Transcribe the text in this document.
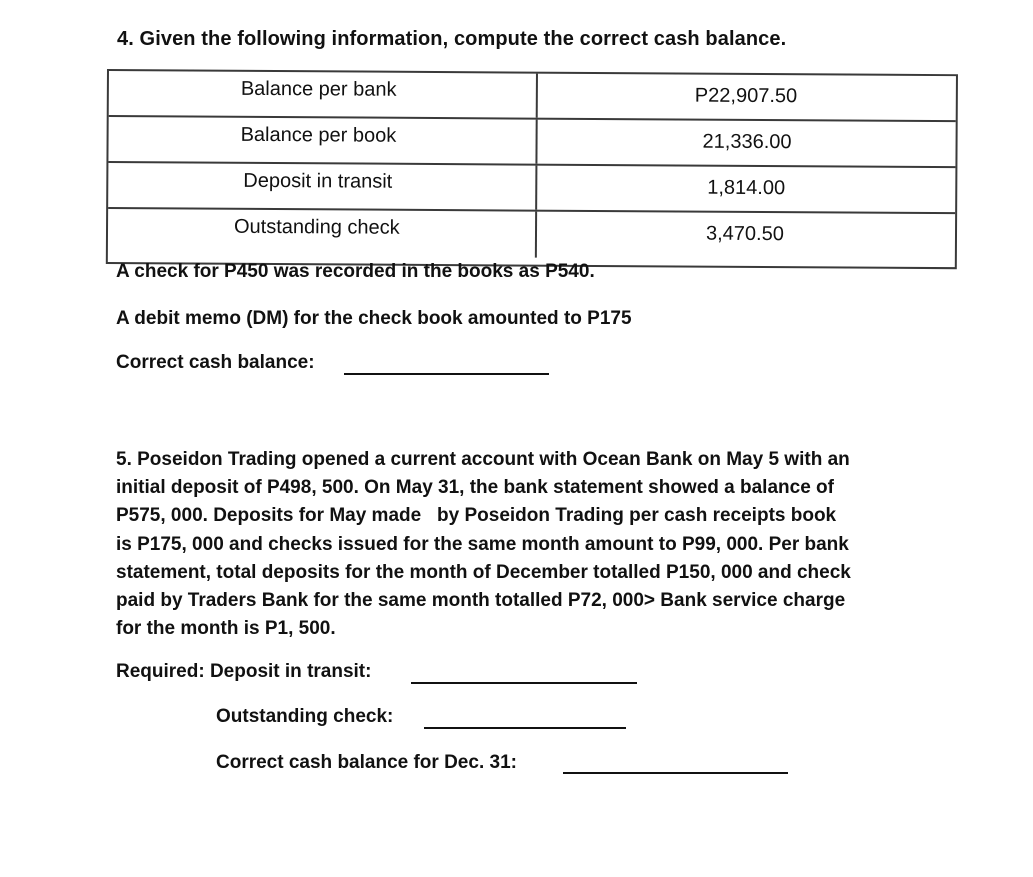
4. Given the following information, compute the correct cash balance.
Balance per bank	P22,907.50
Balance per book	21,336.00
Deposit in transit	1,814.00
Outstanding check	3,470.50
A check for P450 was recorded in the books as P540.
A debit memo (DM) for the check book amounted to P175
Correct cash balance:
5. Poseidon Trading opened a current account with Ocean Bank on May 5 with an
initial deposit of P498, 500. On May 31, the bank statement showed a balance of
P575, 000. Deposits for May made   by Poseidon Trading per cash receipts book
is P175, 000 and checks issued for the same month amount to P99, 000. Per bank
statement, total deposits for the month of December totalled P150, 000 and check
paid by Traders Bank for the same month totalled P72, 000> Bank service charge
for the month is P1, 500.
Required: Deposit in transit:
Outstanding check:
Correct cash balance for Dec. 31:
